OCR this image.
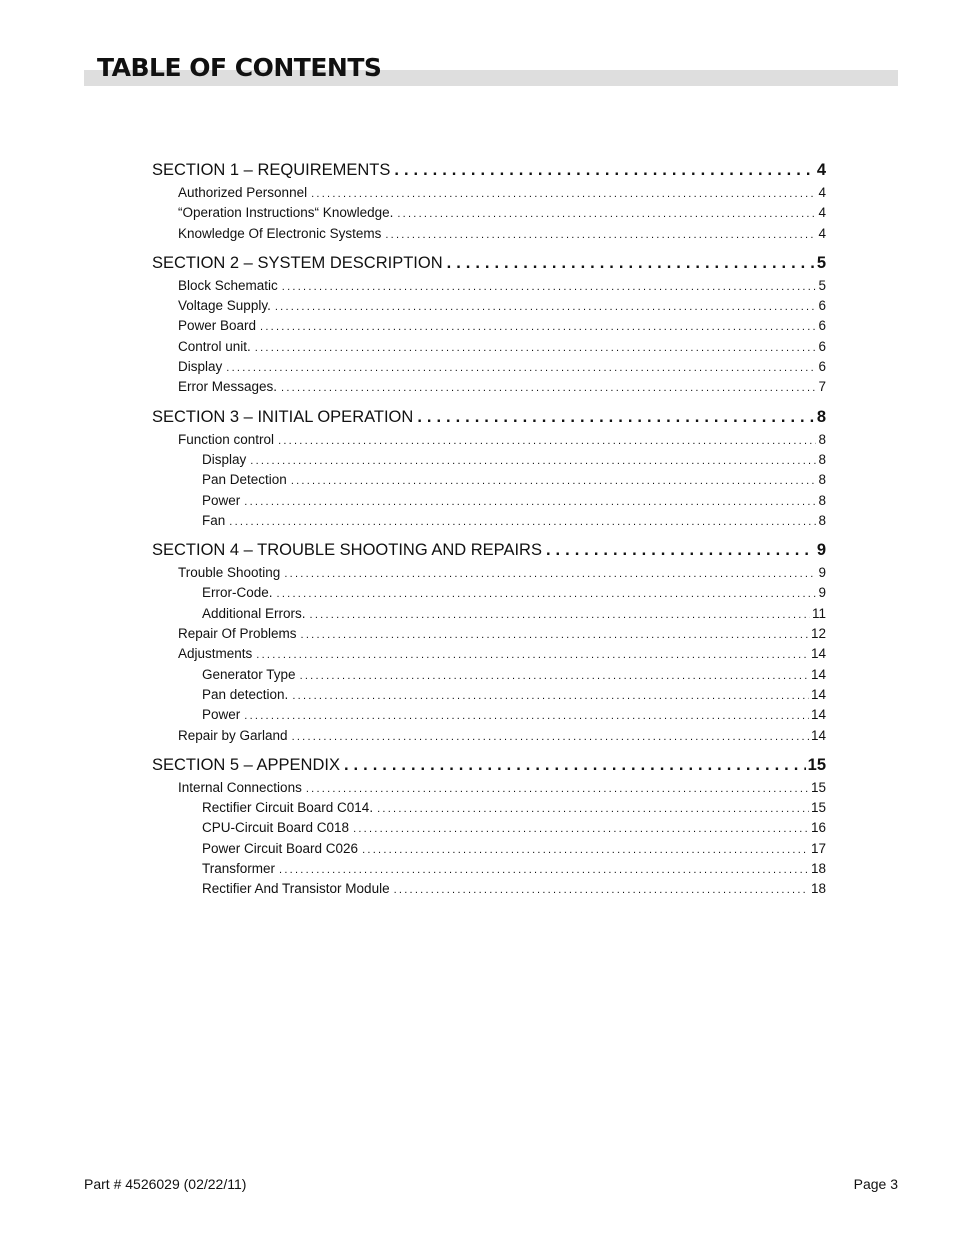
TABLE OF CONTENTS
SECTION 1 – REQUIREMENTS . . .	4
Authorized Personnel . . .	4
“Operation Instructions“ Knowledge. . . .	4
Knowledge Of Electronic Systems . . .	4
SECTION 2 – SYSTEM DESCRIPTION . . .	5
Block Schematic . . .	5
Voltage Supply. . . .	6
Power Board . . .	6
Control unit. . . .	6
Display . . .	6
Error Messages. . . .	7
SECTION 3 – INITIAL OPERATION . . .	8
Function control . . .	8
Display . . .	8
Pan Detection . . .	8
Power . . .	8
Fan . . .	8
SECTION 4 – TROUBLE SHOOTING AND REPAIRS . . .	9
Trouble Shooting . . .	9
Error-Code. . . .	9
Additional Errors. . . .	11
Repair Of Problems . . .	12
Adjustments . . .	14
Generator Type . . .	14
Pan detection. . . .	14
Power . . .	14
Repair by Garland . . .	14
SECTION 5 – APPENDIX . . .	15
Internal Connections . . .	15
Rectifier Circuit Board C014. . . .	15
CPU-Circuit Board C018 . . .	16
Power Circuit Board C026 . . .	17
Transformer . . .	18
Rectifier And Transistor Module . . .	18
Part # 4526029 (02/22/11)	Page 3
